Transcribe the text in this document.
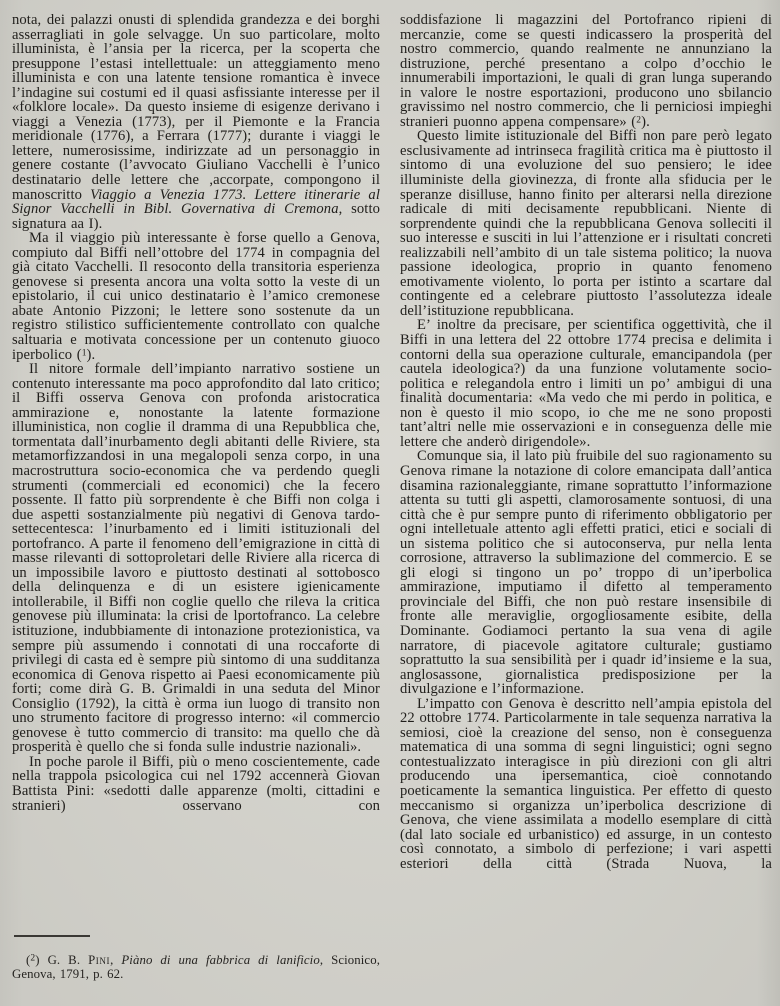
nota, dei palazzi onusti di splendida grandezza e dei borghi asserragliati in gole selvagge. Un suo particolare, molto illuminista, è l’ansia per la ricerca, per la scoperta che presuppone l’estasi intellettuale: un atteggiamento meno illuminista e con una latente tensione romantica è invece l’indagine sui costumi ed il quasi asfissiante interesse per il «folklore locale». Da questo insieme di esigenze derivano i viaggi a Venezia (1773), per il Piemonte e la Francia meridionale (1776), a Ferrara (1777); durante i viaggi le lettere, numerosissime, indirizzate ad un personaggio in genere costante (l’avvocato Giuliano Vacchelli è l’unico destinatario delle lettere che ,accorpate, compongono il manoscritto Viaggio a Venezia 1773. Lettere itinerarie al Signor Vacchelli in Bibl. Governativa di Cremona, sotto signatura aa I).

Ma il viaggio più interessante è forse quello a Genova, compiuto dal Biffi nell’ottobre del 1774 in compagnia del già citato Vacchelli. Il resoconto della transitoria esperienza genovese si presenta ancora una volta sotto la veste di un epistolario, il cui unico destinatario è l’amico cremonese abate Antonio Pizzoni; le lettere sono sostenute da un registro stilistico sufficientemente controllato con qualche saltuaria e motivata concessione per un contenuto giuoco iperbolico ($^1$).

Il nitore formale dell’impianto narrativo sostiene un contenuto interessante ma poco approfondito dal lato critico; il Biffi osserva Genova con profonda aristocratica ammirazione e, nonostante la latente formazione illuministica, non coglie il dramma di una Repubblica che, tormentata dall’inurbamento degli abitanti delle Riviere, sta metamorfizzandosi in una megalopoli senza corpo, in una macrostruttura socio-economica che va perdendo quegli strumenti (commerciali ed economici) che la fecero possente. Il fatto più sorprendente è che Biffi non colga i due aspetti sostanzialmente più negativi di Genova tardo-settecentesca: l’inurbamento ed i limiti istituzionali del portofranco. A parte il fenomeno dell’emigrazione in città di masse rilevanti di sottoproletari delle Riviere alla ricerca di un impossibile lavoro e piuttosto destinati al sottobosco della delinquenza e di un esistere igienicamente intollerabile, il Biffi non coglie quello che rileva la critica genovese più illuminata: la crisi de lportofranco. La celebre istituzione, indubbiamente di intonazione protezionistica, va sempre più assumendo i connotati di una roccaforte di privilegi di casta ed è sempre più sintomo di una sudditanza economica di Genova rispetto ai Paesi economicamente più forti; come dirà G. B. Grimaldi in una seduta del Minor Consiglio (1792), la città è orma iun luogo di transito non uno strumento facitore di progresso interno: «il commercio genovese è tutto commercio di transito: ma quello che dà prosperità è quello che si fonda sulle industrie nazionali».

In poche parole il Biffi, più o meno coscientemente, cade nella trappola psicologica cui nel 1792 accennerà Giovan Battista Pini: «sedotti dalle apparenze (molti, cittadini e stranieri) osservano con

($^2$) G. B. Pini, Piàno di una fabbrica di lanificio, Scionico, Genova, 1791, p. 62.

soddisfazione li magazzini del Portofranco ripieni di mercanzie, come se questi indicassero la prosperità del nostro commercio, quando realmente ne annunziano la distruzione, perché presentano a colpo d’occhio le innumerabili importazioni, le quali di gran lunga superando in valore le nostre esportazioni, producono uno sbilancio gravissimo nel nostro commercio, che li perniciosi impieghi stranieri puonno appena compensare» ($^2$).

Questo limite istituzionale del Biffi non pare però legato esclusivamente ad intrinseca fragilità critica ma è piuttosto il sintomo di una evoluzione del suo pensiero; le idee illuministe della giovinezza, di fronte alla sfiducia per le speranze disilluse, hanno finito per alterarsi nella direzione radicale di miti decisamente repubblicani. Niente di sorprendente quindi che la repubblicana Genova solleciti il suo interesse e susciti in lui l’attenzione er i risultati concreti realizzabili nell’ambito di un tale sistema politico; la nuova passione ideologica, proprio in quanto fenomeno emotivamente violento, lo porta per istinto a scartare dal contingente ed a celebrare piuttosto l’assolutezza ideale dell’istituzione repubblicana.

E’ inoltre da precisare, per scientifica oggettività, che il Biffi in una lettera del 22 ottobre 1774 precisa e delimita i contorni della sua operazione culturale, emancipandola (per cautela ideologica?) da una funzione volutamente socio-politica e relegandola entro i limiti un po’ ambigui di una finalità documentaria: «Ma vedo che mi perdo in politica, e non è questo il mio scopo, io che me ne sono proposti tant’altri nelle mie osservazioni e in conseguenza delle mie lettere che anderò dirigendole».

Comunque sia, il lato più fruibile del suo ragionamento su Genova rimane la notazione di colore emancipata dall’antica disamina razionaleggiante, rimane soprattutto l’informazione attenta su tutti gli aspetti, clamorosamente sontuosi, di una città che è pur sempre punto di riferimento obbligatorio per ogni intelletuale attento agli effetti pratici, etici e sociali di un sistema politico che si autoconserva, pur nella lenta corrosione, attraverso la sublimazione del commercio. E se gli elogi si tingono un po’ troppo di un’iperbolica ammirazione, imputiamo il difetto al temperamento provinciale del Biffi, che non può restare insensibile di fronte alle meraviglie, orgogliosamente esibite, della Dominante. Godiamoci pertanto la sua vena di agile narratore, di piacevole agitatore culturale; gustiamo soprattutto la sua sensibilità per i quadr id’insieme e la sua, anglosassone, giornalistica predisposizione per la divulgazione e l’informazione.

L’impatto con Genova è descritto nell’ampia epistola del 22 ottobre 1774. Particolarmente in tale sequenza narrativa la semiosi, cioè la creazione del senso, non è conseguenza matematica di una somma di segni linguistici; ogni segno contestualizzato interagisce in più direzioni con gli altri producendo una ipersemantica, cioè connotando poeticamente la semantica linguistica. Per effetto di questo meccanismo si organizza un’iperbolica descrizione di Genova, che viene assimilata a modello esemplare di città (dal lato sociale ed urbanistico) ed assurge, in un contesto così connotato, a simbolo di perfezione; i vari aspetti esteriori della città (Strada Nuova, la
